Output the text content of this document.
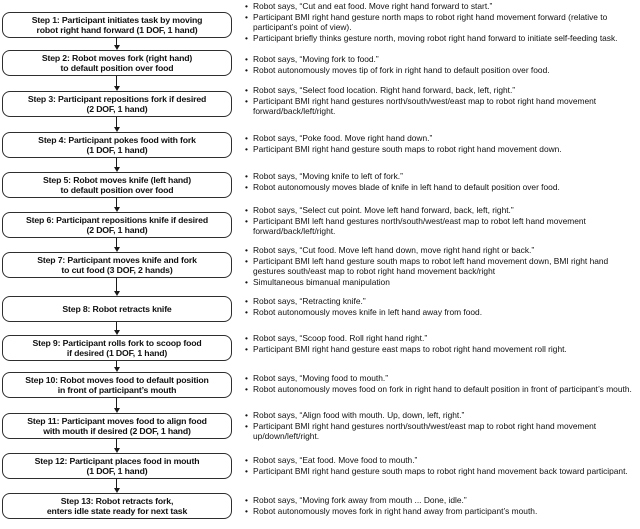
Step 1: Participant initiates task by moving
robot right hand forward (1 DOF, 1 hand)
• Robot says, “Cut and eat food. Move right hand forward to start.”
• Participant BMI right hand gesture north maps to robot right hand movement forward (relative to participant’s point of view).
• Participant briefly thinks gesture north, moving robot right hand forward to initiate self-feeding task.
Step 2: Robot moves fork (right hand)
to default position over food
• Robot says, “Moving fork to food.”
• Robot autonomously moves tip of fork in right hand to default position over food.
Step 3: Participant repositions fork if desired
(2 DOF, 1 hand)
• Robot says, “Select food location. Right hand forward, back, left, right.”
• Participant BMI right hand gestures north/south/west/east map to robot right hand movement forward/back/left/right.
Step 4: Participant pokes food with fork
(1 DOF, 1 hand)
• Robot says, “Poke food. Move right hand down.”
• Participant BMI right hand gesture south maps to robot right hand movement down.
Step 5: Robot moves knife (left hand)
to default position over food
• Robot says, “Moving knife to left of fork.”
• Robot autonomously moves blade of knife in left hand to default position over food.
Step 6: Participant repositions knife if desired
(2 DOF, 1 hand)
• Robot says, “Select cut point. Move left hand forward, back, left, right.”
• Participant BMI left hand gestures north/south/west/east map to robot left hand movement forward/back/left/right.
Step 7: Participant moves knife and fork
to cut food (3 DOF, 2 hands)
• Robot says, “Cut food. Move left hand down, move right hand right or back.”
• Participant BMI left hand gesture south maps to robot left hand movement down, BMI right hand gestures south/east map to robot right hand movement back/right
• Simultaneous bimanual manipulation
Step 8: Robot retracts knife
• Robot says, “Retracting knife.”
• Robot autonomously moves knife in left hand away from food.
Step 9: Participant rolls fork to scoop food
if desired (1 DOF, 1 hand)
• Robot says, “Scoop food. Roll right hand right.”
• Participant BMI right hand gesture east maps to robot right hand movement roll right.
Step 10: Robot moves food to default position
in front of participant’s mouth
• Robot says, “Moving food to mouth.”
• Robot autonomously moves food on fork in right hand to default position in front of participant’s mouth.
Step 11: Participant moves food to align food
with mouth if desired (2 DOF, 1 hand)
• Robot says, “Align food with mouth. Up, down, left, right.”
• Participant BMI right hand gestures north/south/west/east map to robot right hand movement up/down/left/right.
Step 12: Participant places food in mouth
(1 DOF, 1 hand)
• Robot says, “Eat food. Move food to mouth.”
• Participant BMI right hand gesture south maps to robot right hand movement back toward participant.
Step 13: Robot retracts fork,
enters idle state ready for next task
• Robot says, “Moving fork away from mouth ... Done, idle.”
• Robot autonomously moves fork in right hand away from participant’s mouth.
